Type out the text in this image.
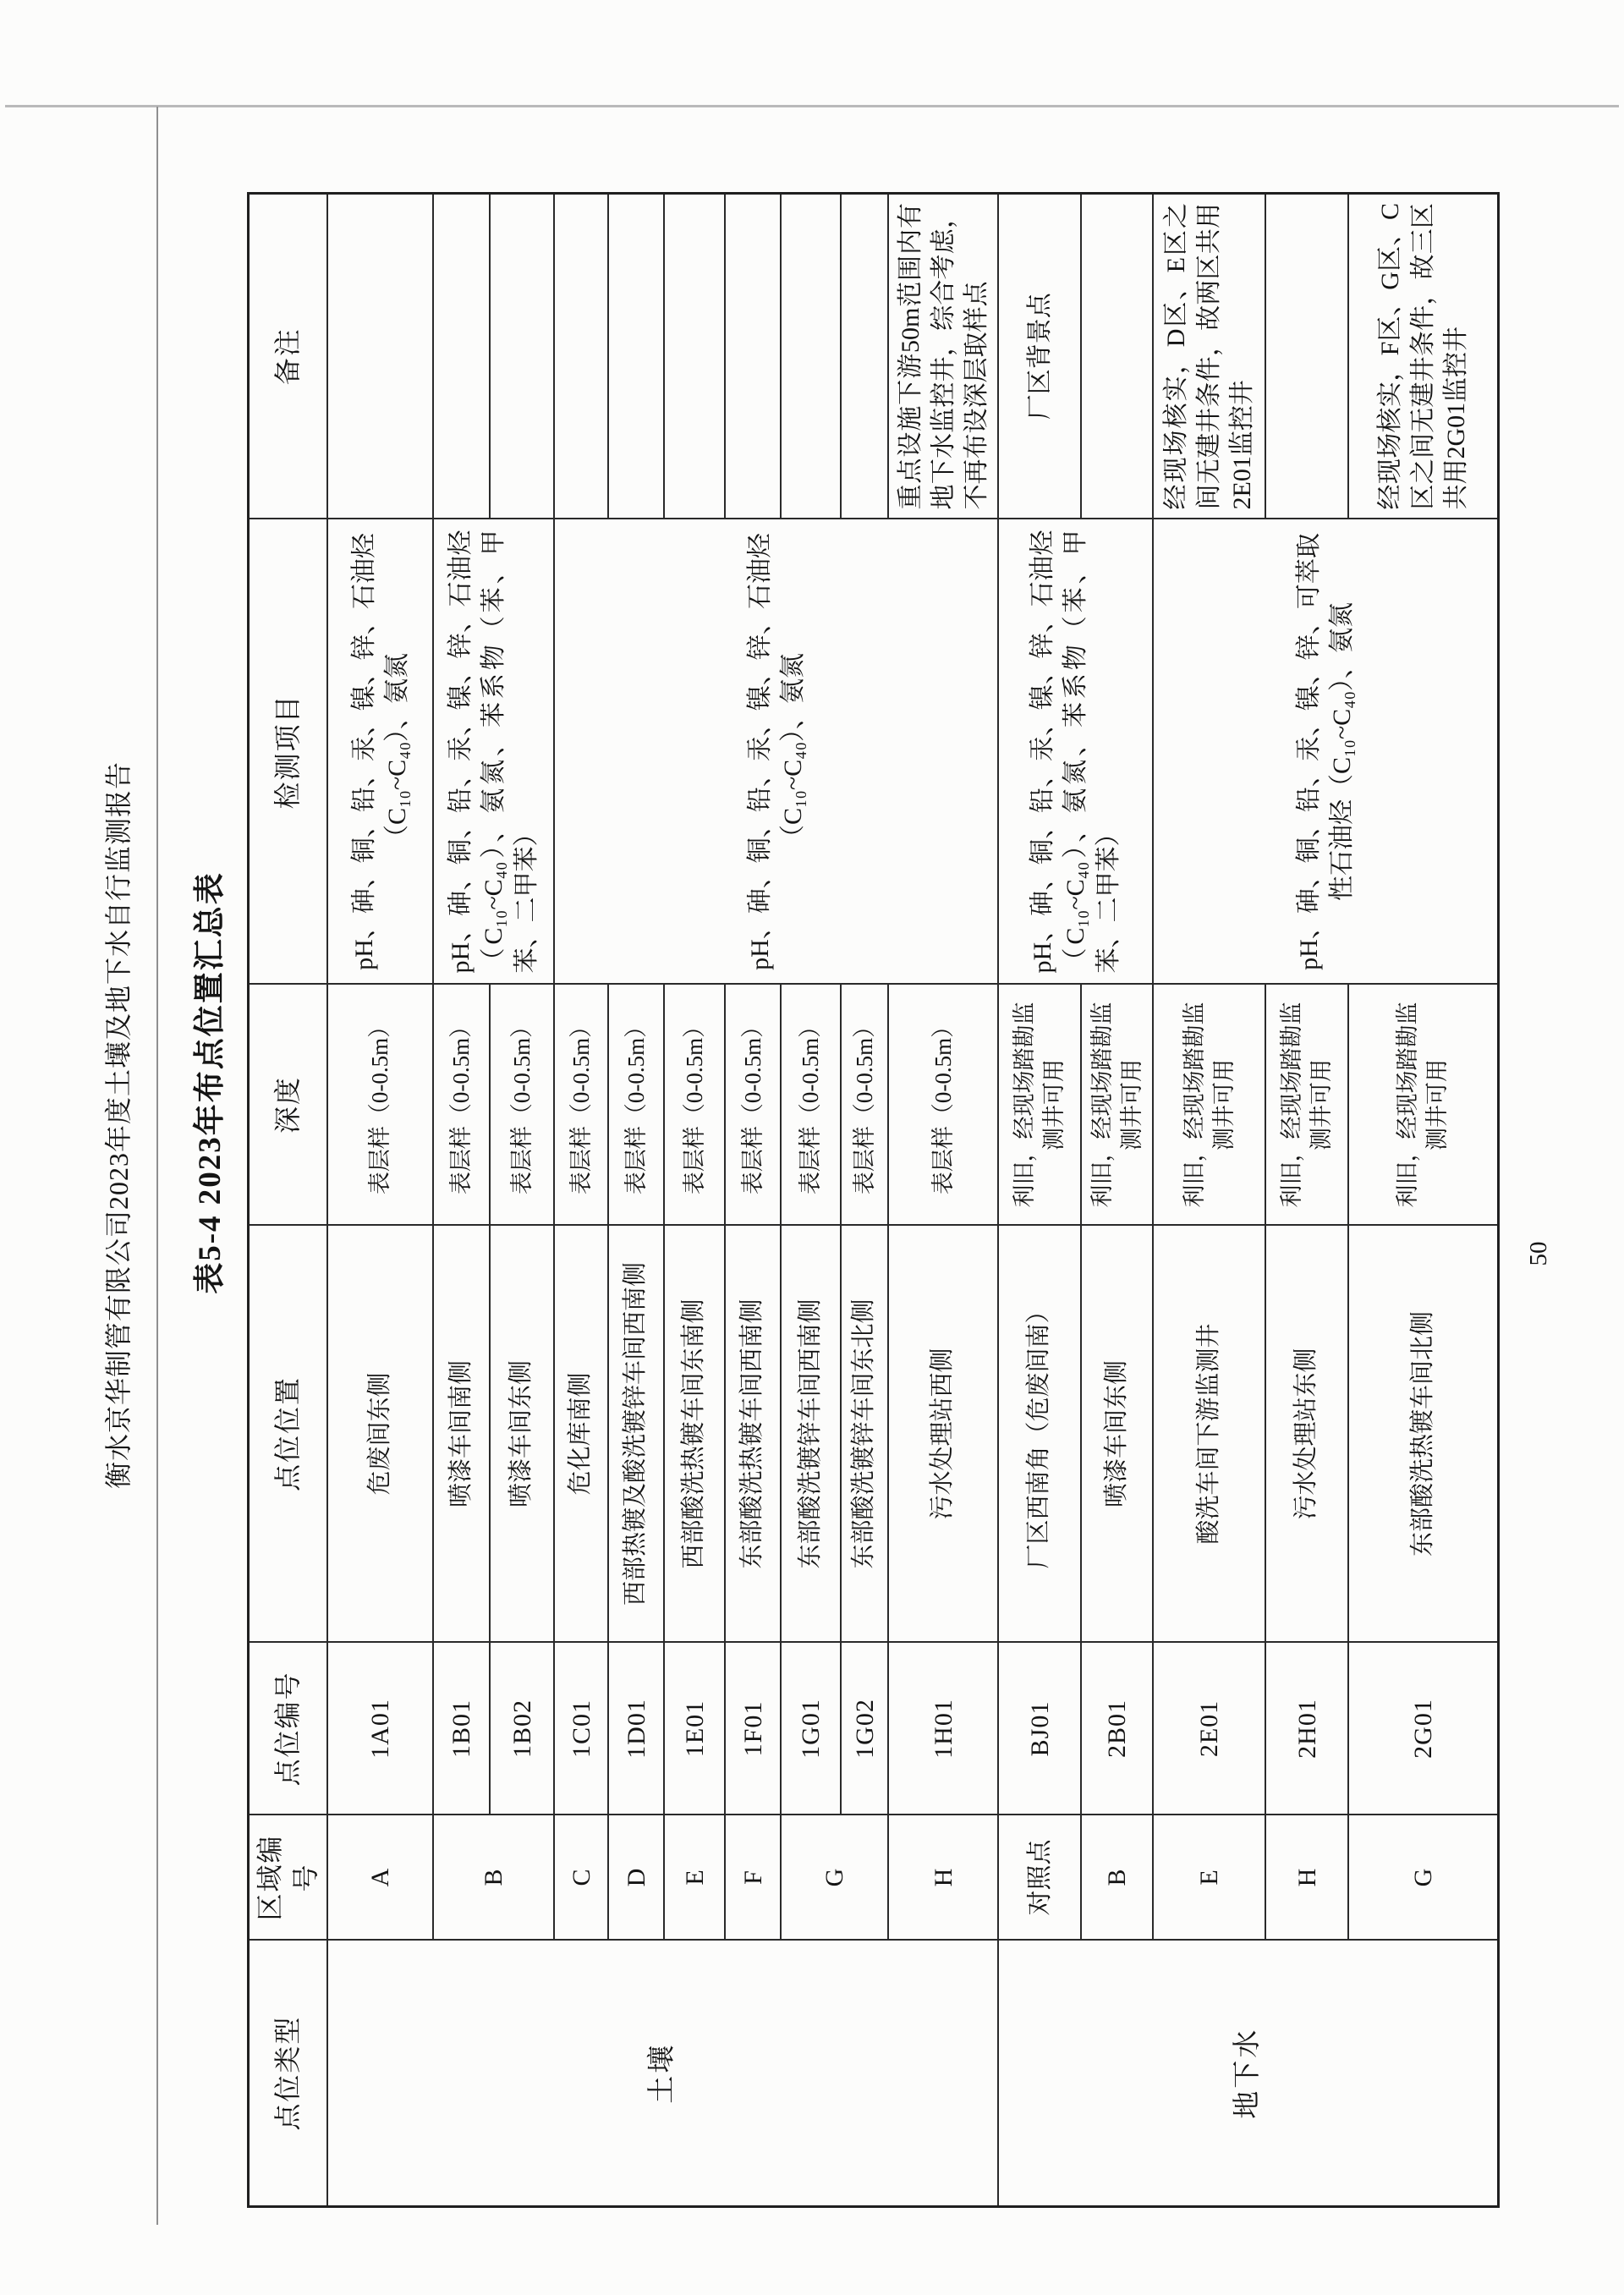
衡水京华制管有限公司2023年度土壤及地下水自行监测报告	表5-4 2023年布点位置汇总表	50
点位类型	区域编号	点位编号	点位位置	深度	检测项目	备注
土壤	A	1A01	危废间东侧	表层样（0-0.5m）	pH、砷、铜、铅、汞、镍、锌、石油烃（C₁₀~C₄₀）、氨氮	
	B	1B01	喷漆车间南侧	表层样（0-0.5m）	pH、砷、铜、铅、汞、镍、锌、石油烃（C₁₀~C₄₀）、氨氮、苯系物（苯、甲苯、二甲苯）	
		1B02	喷漆车间东侧	表层样（0-0.5m）		
	C	1C01	危化库南侧	表层样（0-0.5m）	pH、砷、铜、铅、汞、镍、锌、石油烃（C₁₀~C₄₀）、氨氮	
	D	1D01	西部热镀及酸洗镀锌车间西南侧	表层样（0-0.5m）		
	E	1E01	西部酸洗热镀车间东南侧	表层样（0-0.5m）		
	F	1F01	东部酸洗热镀车间西南侧	表层样（0-0.5m）		
	G	1G01	东部酸洗镀锌车间西南侧	表层样（0-0.5m）		
		1G02	东部酸洗镀锌车间东北侧	表层样（0-0.5m）		
	H	1H01	污水处理站西侧	表层样（0-0.5m）		重点设施下游50m范围内有地下水监控井，综合考虑，不再布设深层取样点
地下水	对照点	BJ01	厂区西南角（危废间南）	利旧，经现场踏勘监测井可用	pH、砷、铜、铅、汞、镍、锌、石油烃（C₁₀~C₄₀）、氨氮、苯系物（苯、甲苯、二甲苯）	厂区背景点
	B	2B01	喷漆车间东侧	利旧，经现场踏勘监测井可用		
	E	2E01	酸洗车间下游监测井	利旧，经现场踏勘监测井可用	pH、砷、铜、铅、汞、镍、锌、可萃取性石油烃（C₁₀~C₄₀）、氨氮	经现场核实，D区、E区之间无建井条件，故两区共用2E01监控井
	H	2H01	污水处理站东侧	利旧，经现场踏勘监测井可用		
	G	2G01	东部酸洗热镀车间北侧	利旧，经现场踏勘监测井可用		经现场核实，F区、G区、C区之间无建井条件，故三区共用2G01监控井
